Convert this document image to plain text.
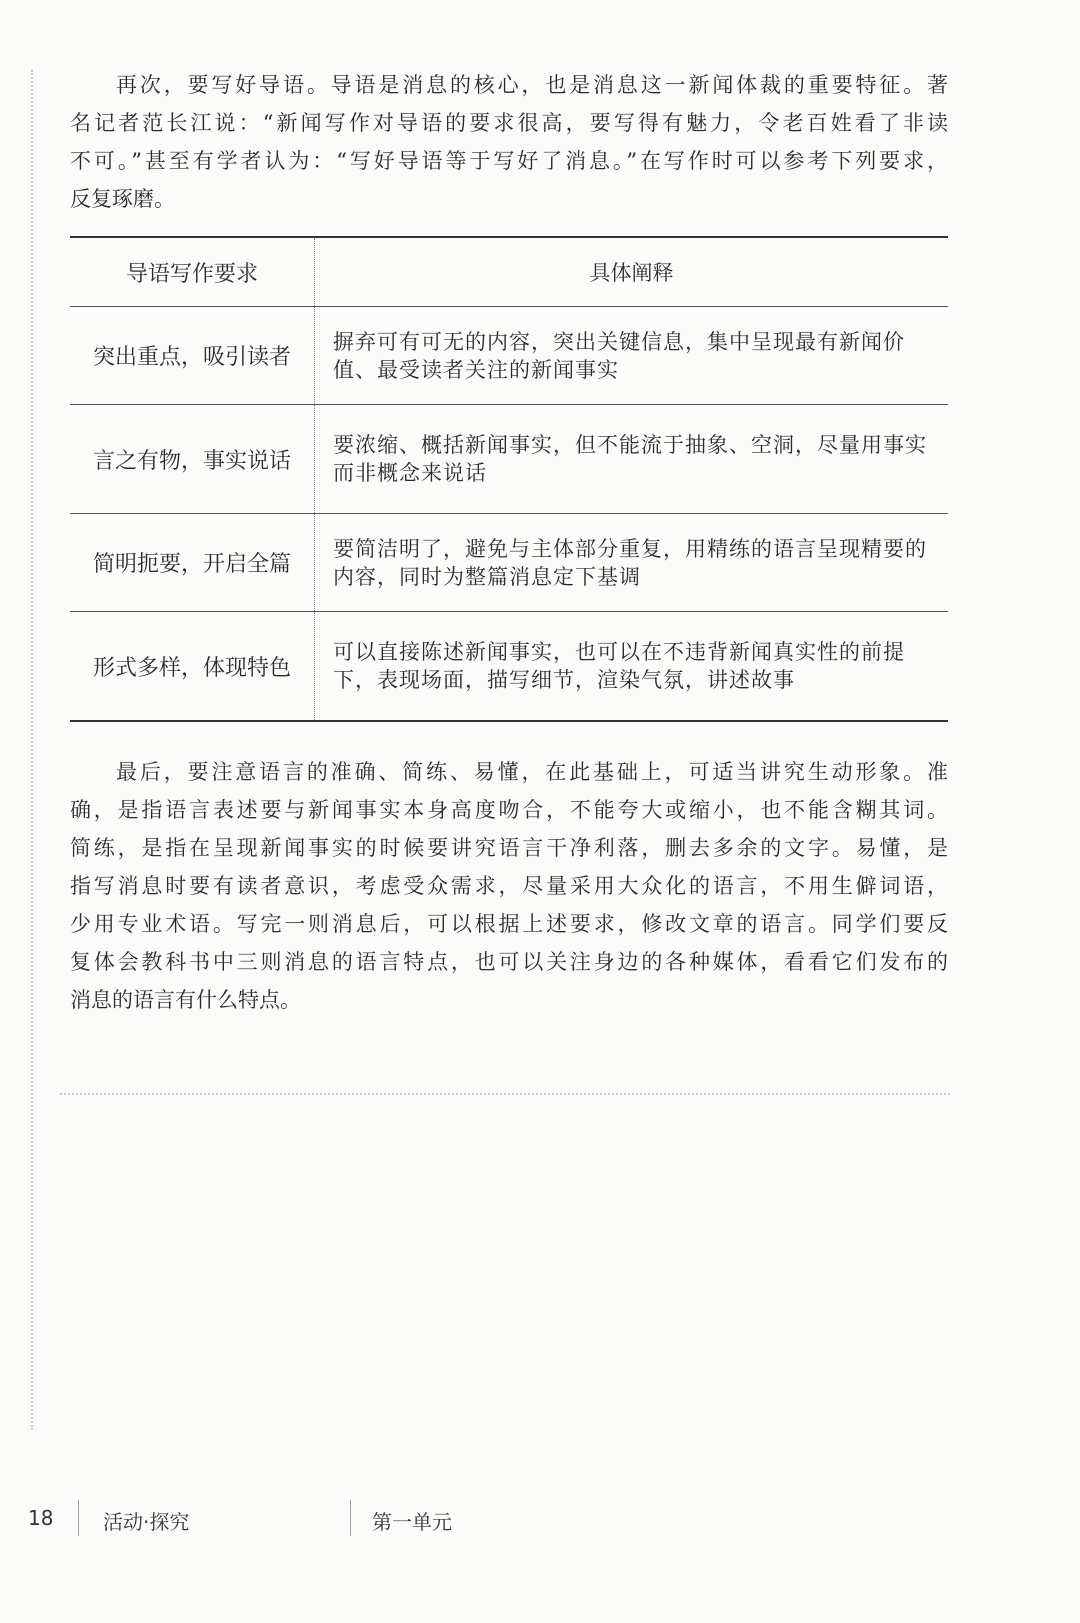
再次，要写好导语。导语是消息的核心，也是消息这一新闻体裁的重要特征。著
名记者范长江说：“新闻写作对导语的要求很高，要写得有魅力，令老百姓看了非读
不可。”甚至有学者认为：“写好导语等于写好了消息。”在写作时可以参考下列要求，
反复琢磨。
导语写作要求	具体阐释
突出重点，吸引读者	摒弃可有可无的内容，突出关键信息，集中呈现最有新闻价值、最受读者关注的新闻事实
言之有物，事实说话	要浓缩、概括新闻事实，但不能流于抽象、空洞，尽量用事实而非概念来说话
简明扼要，开启全篇	要简洁明了，避免与主体部分重复，用精练的语言呈现精要的内容，同时为整篇消息定下基调
形式多样，体现特色	可以直接陈述新闻事实，也可以在不违背新闻真实性的前提下，表现场面，描写细节，渲染气氛，讲述故事
最后，要注意语言的准确、简练、易懂，在此基础上，可适当讲究生动形象。准
确，是指语言表述要与新闻事实本身高度吻合，不能夸大或缩小，也不能含糊其词。
简练，是指在呈现新闻事实的时候要讲究语言干净利落，删去多余的文字。易懂，是
指写消息时要有读者意识，考虑受众需求，尽量采用大众化的语言，不用生僻词语，
少用专业术语。写完一则消息后，可以根据上述要求，修改文章的语言。同学们要反
复体会教科书中三则消息的语言特点，也可以关注身边的各种媒体，看看它们发布的
消息的语言有什么特点。
18 活动·探究	第一单元
